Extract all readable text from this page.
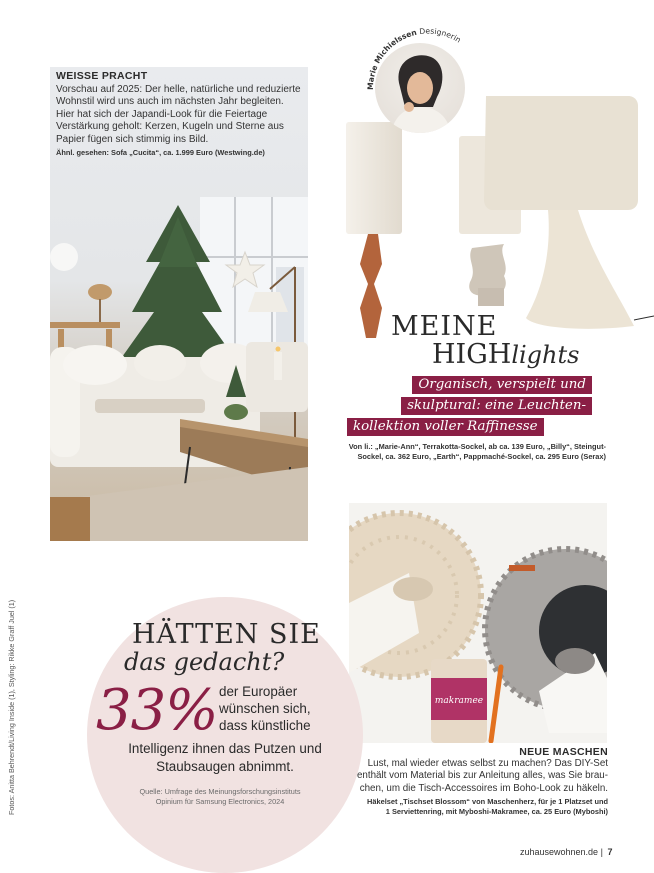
WEISSE PRACHT
Vorschau auf 2025: Der helle, natürliche und reduzierte Wohnstil wird uns auch im nächsten Jahr begleiten. Hier hat sich der Japandi-Look für die Feiertage Verstärkung geholt: Kerzen, Kugeln und Sterne aus Papier fügen sich stimmig ins Bild.
Ähnl. gesehen: Sofa „Cucita“, ca. 1.999 Euro (Westwing.de)
Marie Michielssen Designerin
MEINE
HIGHlights
Organisch, verspielt und
skulptural: eine Leuchten-
kollektion voller Raffinesse
Von li.: „Marie-Ann“, Terrakotta-Sockel, ab ca. 139 Euro, „Billy“, Steingut-
Sockel, ca. 362 Euro, „Earth“, Pappmaché-Sockel, ca. 295 Euro (Serax)
makramee
NEUE MASCHEN
Lust, mal wieder etwas selbst zu machen? Das DIY-Set
enthält vom Material bis zur Anleitung alles, was Sie brau-
chen, um die Tisch-Accessoires im Boho-Look zu häkeln.
Häkelset „Tischset Blossom“ von Maschenherz, für je 1 Platzset und
1 Serviettenring, mit Myboshi-Makramee, ca. 25 Euro (Myboshi)
HÄTTEN SIE
das gedacht?
33% der Europäer
wünschen sich,
dass künstliche
Intelligenz ihnen das Putzen und
Staubsaugen abnimmt.
Quelle: Umfrage des Meinungsforschungsinstituts
Opinium für Samsung Electronics, 2024
Fotos: Anitta Behrendt/Living Inside (1), Styling: Rikke Graff Juel (1)
zuhausewohnen.de | 7
